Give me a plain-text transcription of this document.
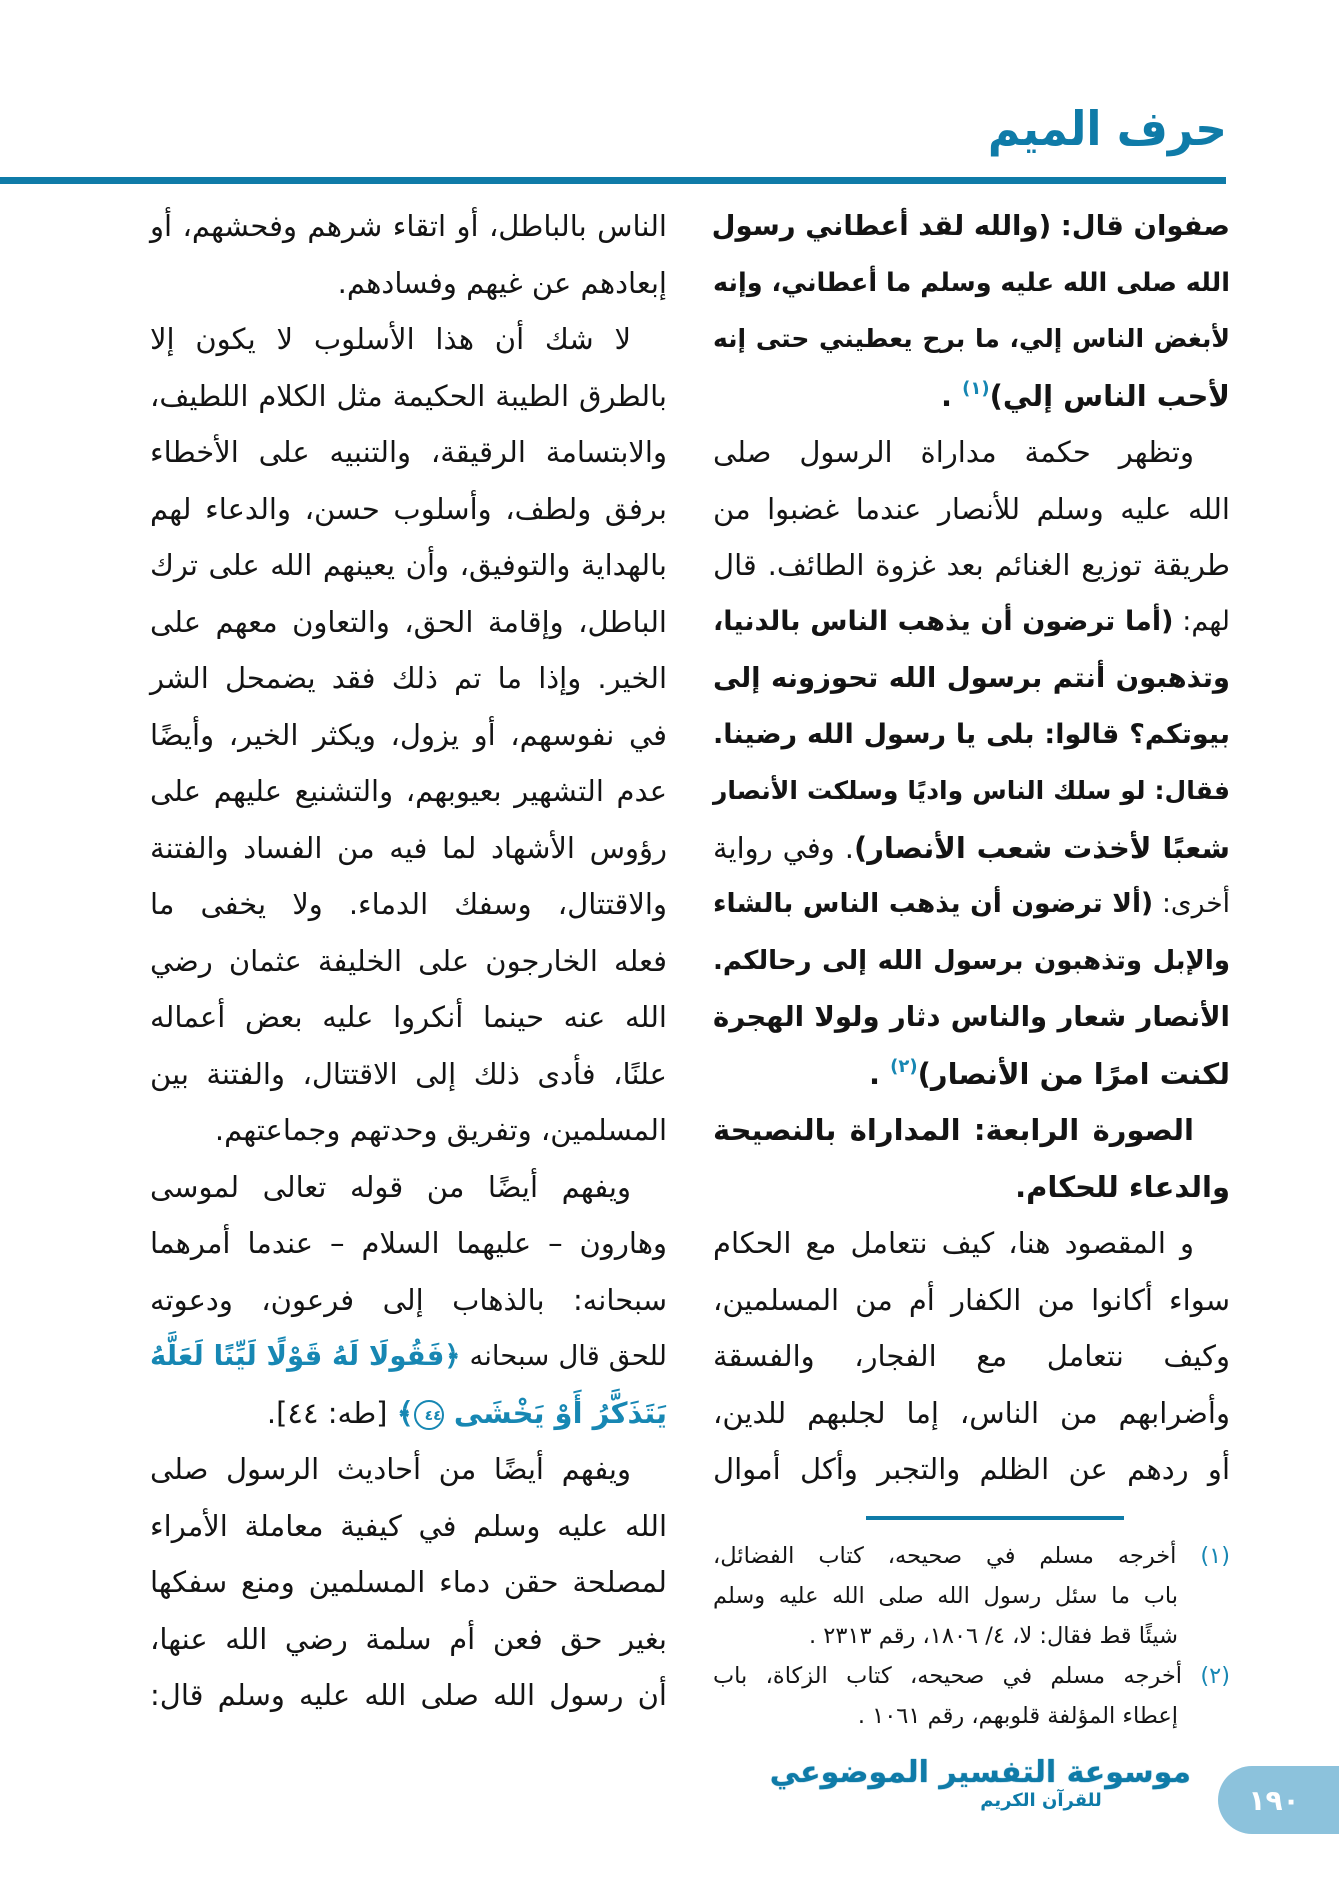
حرف الميم
صفوان قال: (والله لقد أعطاني رسول
الله صلى الله عليه وسلم ما أعطاني، وإنه
لأبغض الناس إلي، ما برح يعطيني حتى إنه
لأحب الناس إلي)$^{(١)}$ .
وتظهر حكمة مداراة الرسول صلى
الله عليه وسلم للأنصار عندما غضبوا من
طريقة توزيع الغنائم بعد غزوة الطائف. قال
لهم: (أما ترضون أن يذهب الناس بالدنيا،
وتذهبون أنتم برسول الله تحوزونه إلى
بيوتكم؟ قالوا: بلى يا رسول الله رضينا.
فقال: لو سلك الناس واديًا وسلكت الأنصار
شعبًا لأخذت شعب الأنصار). وفي رواية
أخرى: (ألا ترضون أن يذهب الناس بالشاء
والإبل وتذهبون برسول الله إلى رحالكم.
الأنصار شعار والناس دثار ولولا الهجرة
لكنت امرًا من الأنصار)$^{(٢)}$ .
الصورة الرابعة: المداراة بالنصيحة
والدعاء للحكام.
و المقصود هنا، كيف نتعامل مع الحكام
سواء أكانوا من الكفار أم من المسلمين،
وكيف نتعامل مع الفجار، والفسقة
وأضرابهم من الناس، إما لجلبهم للدين،
أو ردهم عن الظلم والتجبر وأكل أموال
(١) أخرجه مسلم في صحيحه، كتاب الفضائل،
باب ما سئل رسول الله صلى الله عليه وسلم
شيئًا قط فقال: لا، ٤/ ١٨٠٦، رقم ٢٣١٣ .
(٢) أخرجه مسلم في صحيحه، كتاب الزكاة، باب
إعطاء المؤلفة قلوبهم، رقم ١٠٦١ .
الناس بالباطل، أو اتقاء شرهم وفحشهم، أو
إبعادهم عن غيهم وفسادهم.
لا شك أن هذا الأسلوب لا يكون إلا
بالطرق الطيبة الحكيمة مثل الكلام اللطيف،
والابتسامة الرقيقة، والتنبيه على الأخطاء
برفق ولطف، وأسلوب حسن، والدعاء لهم
بالهداية والتوفيق، وأن يعينهم الله على ترك
الباطل، وإقامة الحق، والتعاون معهم على
الخير. وإذا ما تم ذلك فقد يضمحل الشر
في نفوسهم، أو يزول، ويكثر الخير، وأيضًا
عدم التشهير بعيوبهم، والتشنيع عليهم على
رؤوس الأشهاد لما فيه من الفساد والفتنة
والاقتتال، وسفك الدماء. ولا يخفى ما
فعله الخارجون على الخليفة عثمان رضي
الله عنه حينما أنكروا عليه بعض أعماله
علنًا، فأدى ذلك إلى الاقتتال، والفتنة بين
المسلمين، وتفريق وحدتهم وجماعتهم.
ويفهم أيضًا من قوله تعالى لموسى
وهارون – عليهما السلام – عندما أمرهما
سبحانه: بالذهاب إلى فرعون، ودعوته
للحق قال سبحانه ﴿فَقُولَا لَهُ قَوْلًا لَيِّنًا لَعَلَّهُ
يَتَذَكَّرُ أَوْ يَخْشَى ٤٤﴾ [طه: ٤٤].
ويفهم أيضًا من أحاديث الرسول صلى
الله عليه وسلم في كيفية معاملة الأمراء
لمصلحة حقن دماء المسلمين ومنع سفكها
بغير حق فعن أم سلمة رضي الله عنها،
أن رسول الله صلى الله عليه وسلم قال:
موسوعة التفسير الموضوعي
للقرآن الكريم	١٩٠
